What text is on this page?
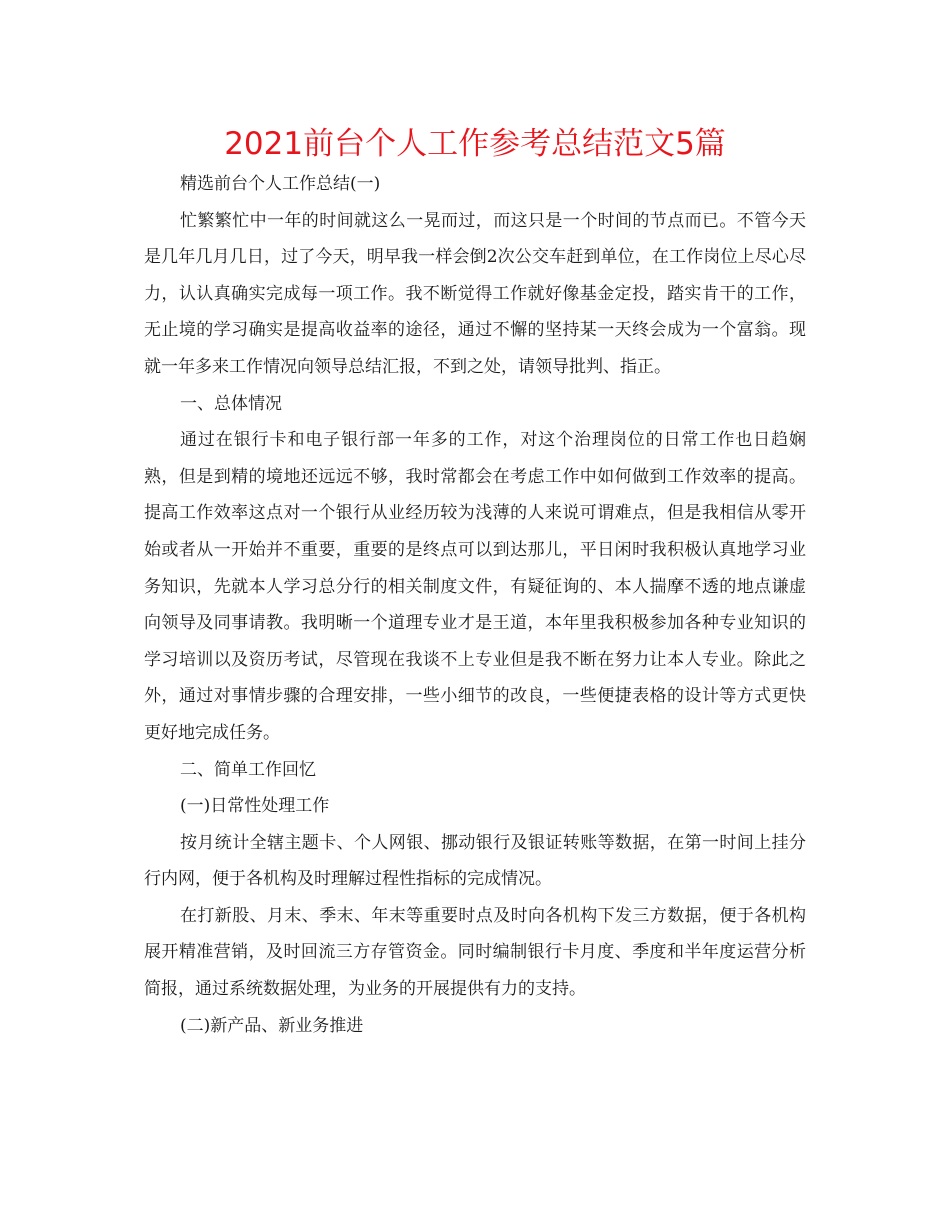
2021前台个人工作参考总结范文5篇

精选前台个人工作总结(一)

忙繁繁忙中一年的时间就这么一晃而过，而这只是一个时间的节点而已。不管今天是几年几月几日，过了今天，明早我一样会倒2次公交车赶到单位，在工作岗位上尽心尽力，认认真确实完成每一项工作。我不断觉得工作就好像基金定投，踏实肯干的工作，无止境的学习确实是提高收益率的途径，通过不懈的坚持某一天终会成为一个富翁。现就一年多来工作情况向领导总结汇报，不到之处，请领导批判、指正。

一、总体情况

通过在银行卡和电子银行部一年多的工作，对这个治理岗位的日常工作也日趋娴熟，但是到精的境地还远远不够，我时常都会在考虑工作中如何做到工作效率的提高。提高工作效率这点对一个银行从业经历较为浅薄的人来说可谓难点，但是我相信从零开始或者从一开始并不重要，重要的是终点可以到达那儿，平日闲时我积极认真地学习业务知识，先就本人学习总分行的相关制度文件，有疑征询的、本人揣摩不透的地点谦虚向领导及同事请教。我明晰一个道理专业才是王道，本年里我积极参加各种专业知识的学习培训以及资历考试，尽管现在我谈不上专业但是我不断在努力让本人专业。除此之外，通过对事情步骤的合理安排，一些小细节的改良，一些便捷表格的设计等方式更快更好地完成任务。

二、简单工作回忆

(一)日常性处理工作

按月统计全辖主题卡、个人网银、挪动银行及银证转账等数据，在第一时间上挂分行内网，便于各机构及时理解过程性指标的完成情况。

在打新股、月末、季末、年末等重要时点及时向各机构下发三方数据，便于各机构展开精准营销，及时回流三方存管资金。同时编制银行卡月度、季度和半年度运营分析简报，通过系统数据处理，为业务的开展提供有力的支持。

(二)新产品、新业务推进
